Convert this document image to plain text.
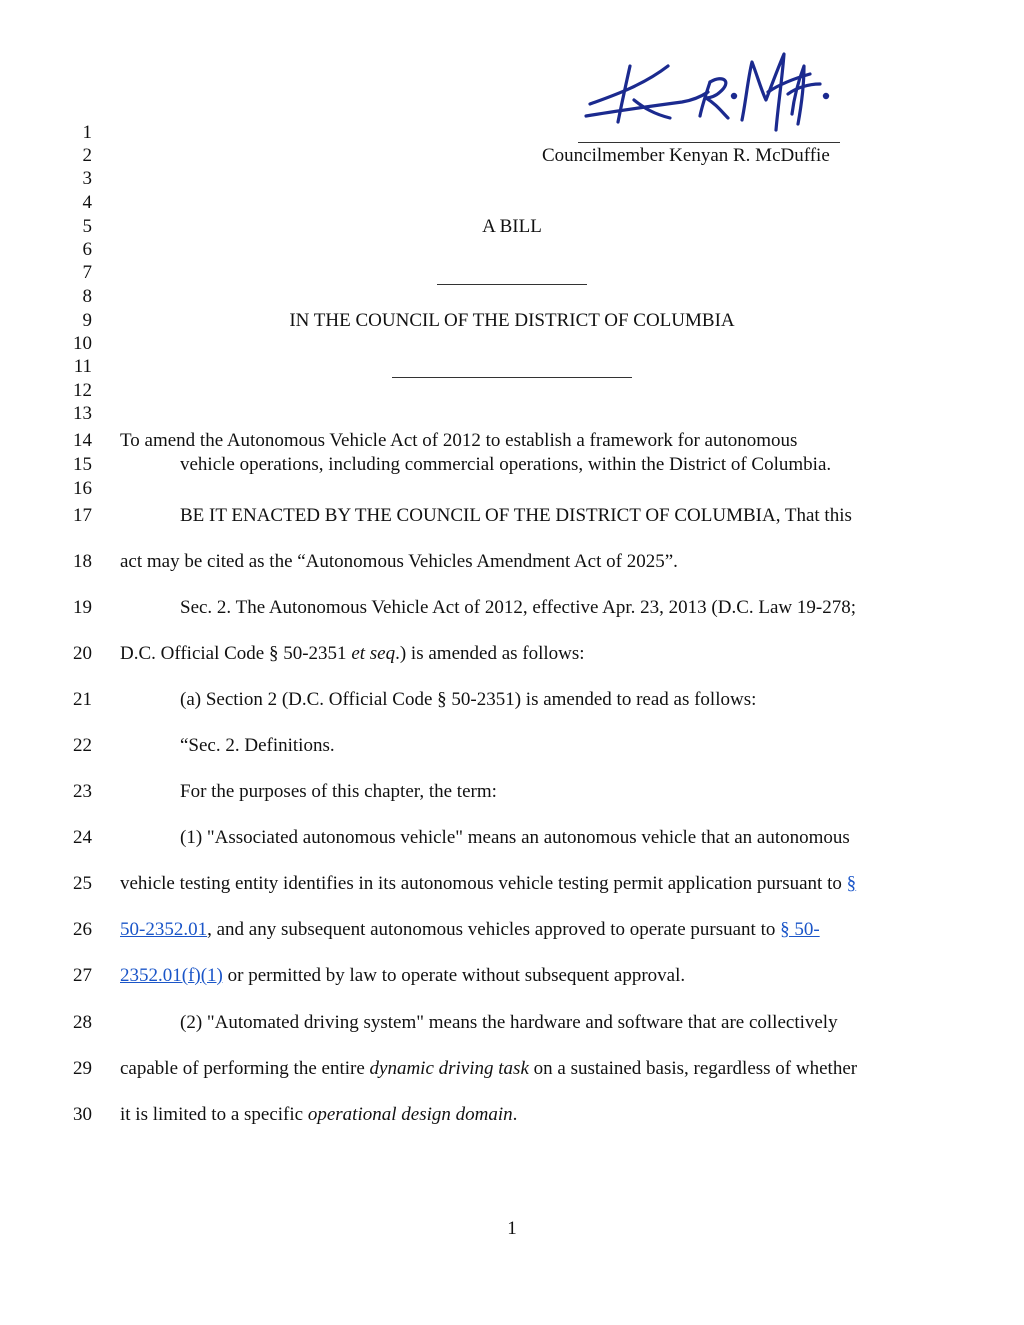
Councilmember Kenyan R. McDuffie
1
2
3
4
5
6
7
8
9
10
11
12
13
14
15
16
17
18
19
20
21
22
23
24
25
26
27
28
29
30
A BILL
IN THE COUNCIL OF THE DISTRICT OF COLUMBIA
To amend the Autonomous Vehicle Act of 2012 to establish a framework for autonomous
vehicle operations, including commercial operations, within the District of Columbia.
BE IT ENACTED BY THE COUNCIL OF THE DISTRICT OF COLUMBIA, That this
act may be cited as the “Autonomous Vehicles Amendment Act of 2025”.
Sec. 2. The Autonomous Vehicle Act of 2012, effective Apr. 23, 2013 (D.C. Law 19-278;
D.C. Official Code § 50-2351 et seq.) is amended as follows:
(a) Section 2 (D.C. Official Code § 50-2351) is amended to read as follows:
“Sec. 2. Definitions.
For the purposes of this chapter, the term:
(1) "Associated autonomous vehicle" means an autonomous vehicle that an autonomous
vehicle testing entity identifies in its autonomous vehicle testing permit application pursuant to §
50-2352.01, and any subsequent autonomous vehicles approved to operate pursuant to § 50-
2352.01(f)(1) or permitted by law to operate without subsequent approval.
(2) "Automated driving system" means the hardware and software that are collectively
capable of performing the entire dynamic driving task on a sustained basis, regardless of whether
it is limited to a specific operational design domain.
1
